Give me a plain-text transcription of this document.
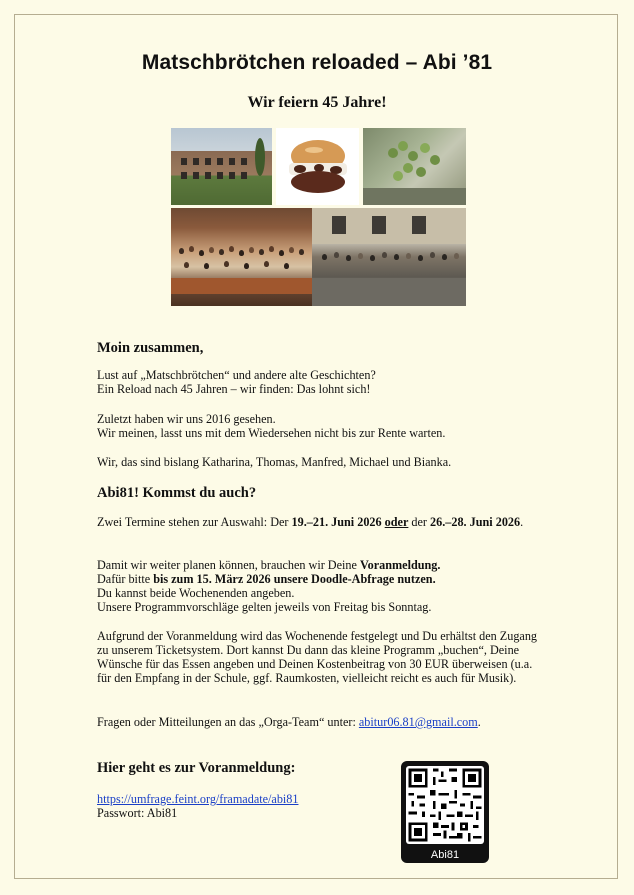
Matschbrötchen reloaded – Abi ’81
Wir feiern 45 Jahre!
Moin zusammen,
Lust auf „Matschbrötchen“ und andere alte Geschichten?
Ein Reload nach 45 Jahren – wir finden: Das lohnt sich!
Zuletzt haben wir uns 2016 gesehen.
Wir meinen, lasst uns mit dem Wiedersehen nicht bis zur Rente warten.
Wir, das sind bislang Katharina, Thomas, Manfred, Michael und Bianka.
Abi81! Kommst du auch?
Zwei Termine stehen zur Auswahl: Der 19.–21. Juni 2026 oder der 26.–28. Juni 2026.
Damit wir weiter planen können, brauchen wir Deine Voranmeldung.
Dafür bitte bis zum 15. März 2026 unsere Doodle-Abfrage nutzen.
Du kannst beide Wochenenden angeben.
Unsere Programmvorschläge gelten jeweils von Freitag bis Sonntag.
Aufgrund der Voranmeldung wird das Wochenende festgelegt und Du erhältst den Zugang zu unserem Ticketsystem. Dort kannst Du dann das kleine Programm „buchen“, Deine Wünsche für das Essen angeben und Deinen Kostenbeitrag von 30 EUR überweisen (u.a. für den Empfang in der Schule, ggf. Raumkosten, vielleicht reicht es auch für Musik).
Fragen oder Mitteilungen an das „Orga-Team“ unter: abitur06.81@gmail.com.
Hier geht es zur Voranmeldung:
https://umfrage.feint.org/framadate/abi81
Passwort: Abi81
Abi81
